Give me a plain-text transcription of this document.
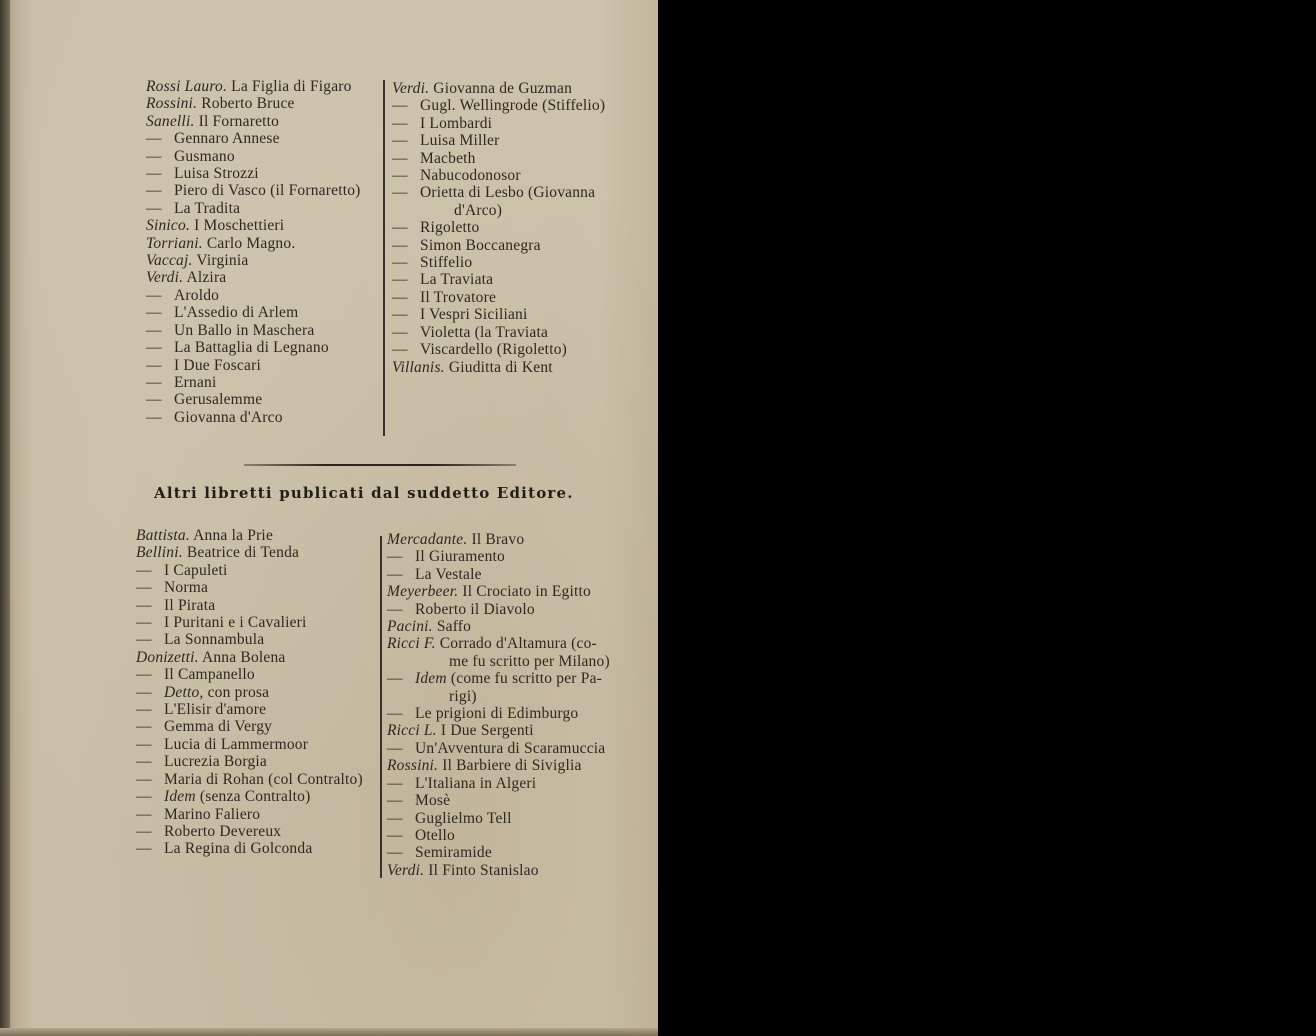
Rossi Lauro. La Figlia di Figaro
Rossini. Roberto Bruce
Sanelli. Il Fornaretto
— Gennaro Annese
— Gusmano
— Luisa Strozzi
— Piero di Vasco (il Fornaretto)
— La Tradita
Sinico. I Moschettieri
Torriani. Carlo Magno.
Vaccaj. Virginia
Verdi. Alzira
— Aroldo
— L'Assedio di Arlem
— Un Ballo in Maschera
— La Battaglia di Legnano
— I Due Foscari
— Ernani
— Gerusalemme
— Giovanna d'Arco
Verdi. Giovanna de Guzman
— Gugl. Wellingrode (Stiffelio)
— I Lombardi
— Luisa Miller
— Macbeth
— Nabucodonosor
— Orietta di Lesbo (Giovanna
d'Arco)
— Rigoletto
— Simon Boccanegra
— Stiffelio
— La Traviata
— Il Trovatore
— I Vespri Siciliani
— Violetta (la Traviata
— Viscardello (Rigoletto)
Villanis. Giuditta di Kent
Altri libretti publicati dal suddetto Editore.
Battista. Anna la Prie
Bellini. Beatrice di Tenda
— I Capuleti
— Norma
— Il Pirata
— I Puritani e i Cavalieri
— La Sonnambula
Donizetti. Anna Bolena
— Il Campanello
— Detto, con prosa
— L'Elisir d'amore
— Gemma di Vergy
— Lucia di Lammermoor
— Lucrezia Borgia
— Maria di Rohan (col Contralto)
— Idem (senza Contralto)
— Marino Faliero
— Roberto Devereux
— La Regina di Golconda
Mercadante. Il Bravo
— Il Giuramento
— La Vestale
Meyerbeer. Il Crociato in Egitto
— Roberto il Diavolo
Pacini. Saffo
Ricci F. Corrado d'Altamura (co-
me fu scritto per Milano)
— Idem (come fu scritto per Pa-
rigi)
— Le prigioni di Edimburgo
Ricci L. I Due Sergenti
— Un'Avventura di Scaramuccia
Rossini. Il Barbiere di Siviglia
— L'Italiana in Algeri
— Mosè
— Guglielmo Tell
— Otello
— Semiramide
Verdi. Il Finto Stanislao
